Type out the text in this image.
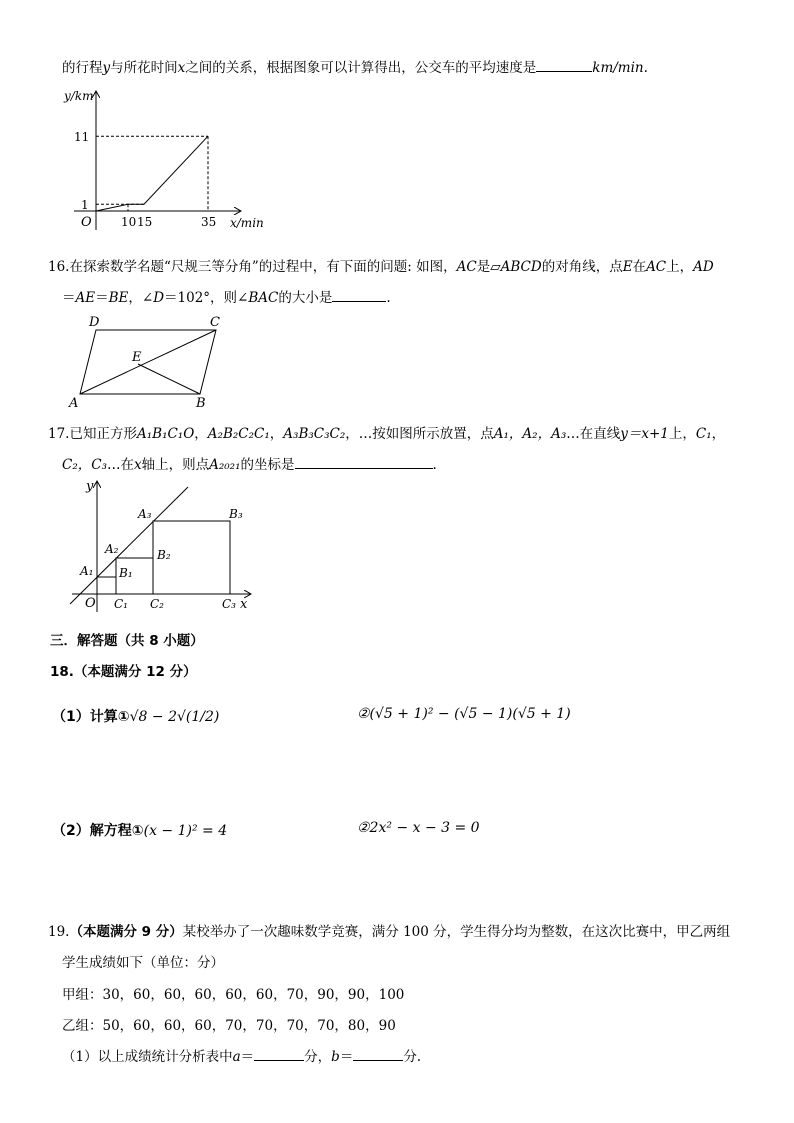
的行程y与所花时间x之间的关系，根据图象可以计算得出，公交车的平均速度是	km/min.
10 15	35
1
11
y/km
x/min
O
16.在探索数学名题“尺规三等分角”的过程中，有下面的问题: 如图，AC是▱ABCD的对角线，点E在AC上，AD
＝AE＝BE，∠D＝102°，则∠BAC的大小是	.
A	B
C
D
E
17.已知正方形A₁B₁C₁O，A₂B₂C₂C₁，A₃B₃C₃C₂，…按如图所示放置，点A₁，A₂，A₃…在直线y＝x+1上，C₁，
C₂，C₃…在x轴上，则点A₂₀₂₁的坐标是	.
y
x
O
A₁
A₂
A₃
B₁
B₂
B₃
C₁ C₂	C₃
三．解答题（共 8 小题）
18.（本题满分 12 分）
（1）计算①√8 − 2√(1/2)	②(√5 + 1)² − (√5 − 1)(√5 + 1)
（2）解方程①(x − 1)² = 4	②2x² − x − 3 = 0
19.（本题满分 9 分）某校举办了一次趣味数学竞赛，满分 100 分，学生得分均为整数，在这次比赛中，甲乙两组
学生成绩如下（单位：分）
甲组：30，60，60，60，60，60，70，90，90，100
乙组：50，60，60，60，70，70，70，70，80，90
（1）以上成绩统计分析表中a＝	分，b＝	分.
